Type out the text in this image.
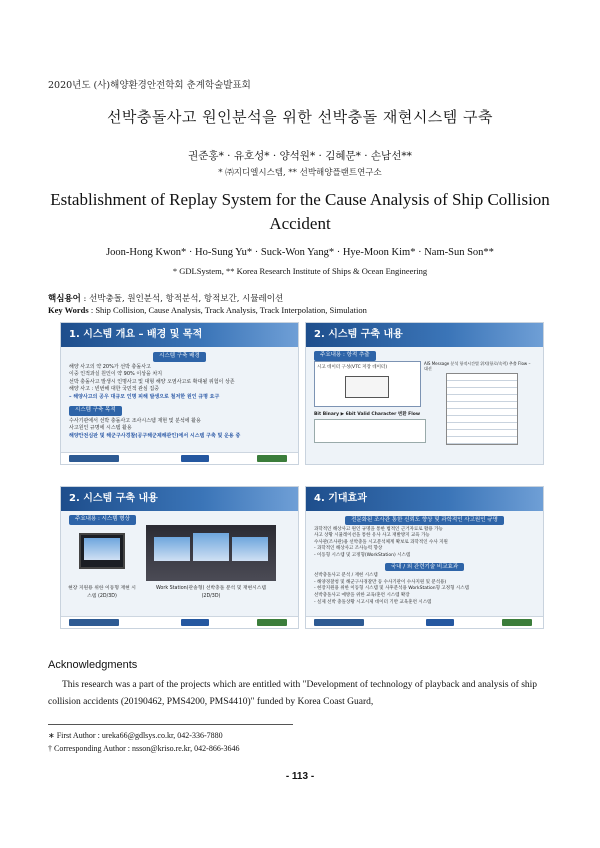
2020년도 (사)해양환경안전학회 춘계학술발표회
선박충돌사고 원인분석을 위한 선박충돌 재현시스템 구축
권준홍* · 유호성* · 양석원* · 김혜문* · 손남선**
* ㈜지디엘시스템, ** 선박해양플랜트연구소
Establishment of Replay System for the Cause Analysis of Ship Collision Accident
Joon-Hong Kwon* · Ho-Sung Yu* · Suck-Won Yang* · Hye-Moon Kim* · Nam-Sun Son**
* GDLSystem, ** Korea Research Institute of Ships & Ocean Engineering
핵심용어 : 선박충돌, 원인분석, 항적분석, 항적보간, 시뮬레이션
Key Words : Ship Collision, Cause Analysis, Track Analysis, Track Interpolation, Simulation
1. 시스템 개요 – 배경 및 목적
시스템 구축 배경
해양 사고의 약 20%가 선박 충돌사고
이중 인적과실 원인이 약 90% 이상을 차지
선박 충돌사고 발생시 인명사고 및 대형 해양 오염사고로 확대될 위험이 상존
해양 사고 : 빈번해 대한 국민적 관심 집중
– 해양사고의 공우 대규모 인명 피해 발생으로 철저한 원인 규명 요구
시스템 구축 목적
수사기관에서 선박 충돌사고 조사시스템 재현 및 분석에 활용
사고원인 규명에 시스템 활용
해양안전심판 및 해군구사경찰(공구해군제해관인)에서 시스템 구축 및 운용 중
2. 시스템 구축 내용
주요내용 : 항적 추출
시고 데이터 구성(VTC 저장 데이터)
AIS Message 분석 항적시간별 위치(항로/속력) 추출 Flow – 대선
Bit Binary ▶ 6bit Valid Character 변환 Flow
2. 시스템 구축 내용
주요내용 : 시스템 형상
현장 지원용 위한 이동형 재현 시스템 (2D/3D)
Work Station(관솔형) 선박충돌 분석 및 재현시스템(2D/3D)
4. 기대효과
전문화된 조사관 통한 신뢰도 향상 및 과학적인 사고원인 규명
과학적인 해상사고 원인 규명을 통한 법적인 근거자료로 활용 가능
사고 상황 시뮬레이션을 통한 유사 사고 재발방지 교육 가능
수사관(조사관)용 선박충돌 시고분석체계 확보로 과학적인 수사 지원
- 과학적인 해상사고 조사능력 향상
- 이동형 시스템 및 고정형(WorkStation) 시스템
국내 / 외 관련기술 비교효과
선박충돌사고 분석 / 재현 시스템
- 해양경찰청 및 해군구사경찰만 등 수사기관이 수사지원 및 분석용)
- 현장지원용 위한 이동형 시스템 및 사후분석용 WorkStation형 고정형 시스템
선박충돌사고 예방을 위한 교육/훈련 시스템 확장
- 실제 선박 충돌상황 시고시제 데이터 기반 교육훈련 시스템
Acknowledgments
This research was a part of the projects which are entitled with "Development of technology of playback and analysis of ship collision accidents (20190462, PMS4200, PMS4410)" funded by Korea Coast Guard,
∗ First Author : ureka66@gdlsys.co.kr, 042-336-7880
† Corresponding Author : nsson@kriso.re.kr, 042-866-3646
- 113 -
